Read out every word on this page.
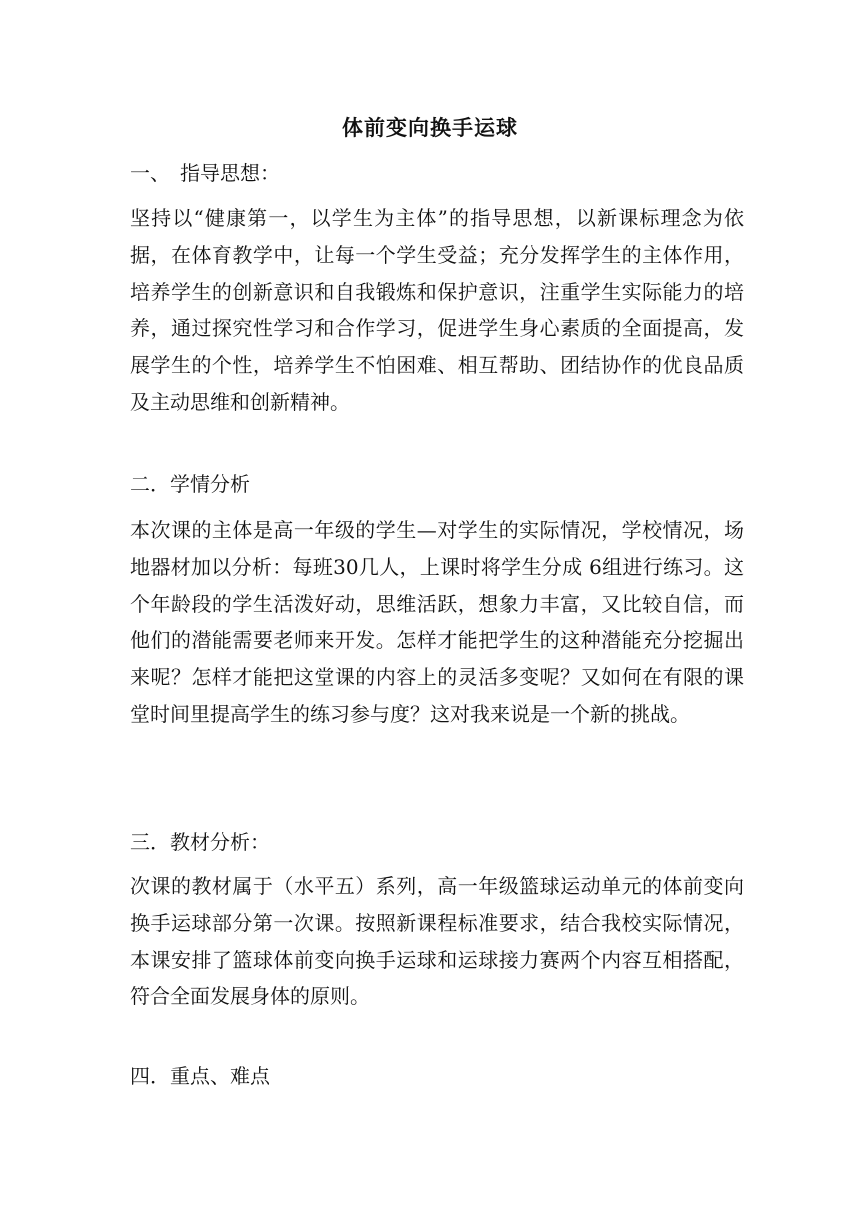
体前变向换手运球
一、 指导思想：
坚持以“健康第一，以学生为主体”的指导思想，以新课标理念为依据，在体育教学中，让每一个学生受益；充分发挥学生的主体作用，培养学生的创新意识和自我锻炼和保护意识，注重学生实际能力的培养，通过探究性学习和合作学习，促进学生身心素质的全面提高，发展学生的个性，培养学生不怕困难、相互帮助、团结协作的优良品质及主动思维和创新精神。
二．学情分析
本次课的主体是高一年级的学生—对学生的实际情况，学校情况，场地器材加以分析：每班30几人，上课时将学生分成 6组进行练习。这个年龄段的学生活泼好动，思维活跃，想象力丰富，又比较自信，而他们的潜能需要老师来开发。怎样才能把学生的这种潜能充分挖掘出来呢？怎样才能把这堂课的内容上的灵活多变呢？又如何在有限的课堂时间里提高学生的练习参与度？这对我来说是一个新的挑战。
三．教材分析：
次课的教材属于（水平五）系列，高一年级篮球运动单元的体前变向换手运球部分第一次课。按照新课程标准要求，结合我校实际情况，本课安排了篮球体前变向换手运球和运球接力赛两个内容互相搭配，符合全面发展身体的原则。
四．重点、难点
